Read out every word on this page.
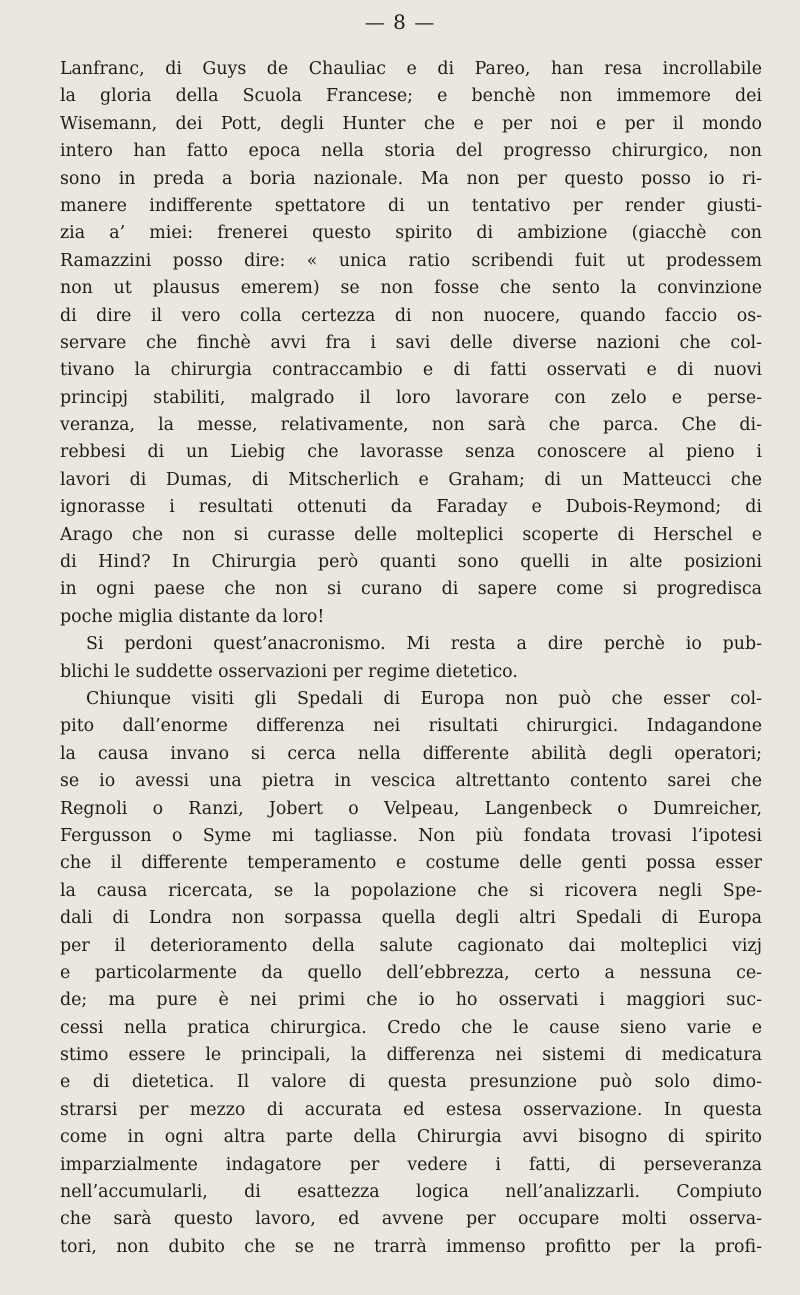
— 8 —
Lanfranc, di Guys de Chauliac e di Pareo, han resa incrollabile
la gloria della Scuola Francese; e benchè non immemore dei
Wisemann, dei Pott, degli Hunter che e per noi e per il mondo
intero han fatto epoca nella storia del progresso chirurgico, non
sono in preda a boria nazionale. Ma non per questo posso io ri-
manere indifferente spettatore di un tentativo per render giusti-
zia a’ miei: frenerei questo spirito di ambizione (giacchè con
Ramazzini posso dire: « unica ratio scribendi fuit ut prodessem
non ut plausus emerem) se non fosse che sento la convinzione
di dire il vero colla certezza di non nuocere, quando faccio os-
servare che finchè avvi fra i savi delle diverse nazioni che col-
tivano la chirurgia contraccambio e di fatti osservati e di nuovi
principj stabiliti, malgrado il loro lavorare con zelo e perse-
veranza, la messe, relativamente, non sarà che parca. Che di-
rebbesi di un Liebig che lavorasse senza conoscere al pieno i
lavori di Dumas, di Mitscherlich e Graham; di un Matteucci che
ignorasse i resultati ottenuti da Faraday e Dubois-Reymond; di
Arago che non si curasse delle molteplici scoperte di Herschel e
di Hind? In Chirurgia però quanti sono quelli in alte posizioni
in ogni paese che non si curano di sapere come si progredisca
poche miglia distante da loro!
Si perdoni quest’anacronismo. Mi resta a dire perchè io pub-
blichi le suddette osservazioni per regime dietetico.
Chiunque visiti gli Spedali di Europa non può che esser col-
pito dall’enorme differenza nei risultati chirurgici. Indagandone
la causa invano si cerca nella differente abilità degli operatori;
se io avessi una pietra in vescica altrettanto contento sarei che
Regnoli o Ranzi, Jobert o Velpeau, Langenbeck o Dumreicher,
Fergusson o Syme mi tagliasse. Non più fondata trovasi l’ipotesi
che il differente temperamento e costume delle genti possa esser
la causa ricercata, se la popolazione che si ricovera negli Spe-
dali di Londra non sorpassa quella degli altri Spedali di Europa
per il deterioramento della salute cagionato dai molteplici vizj
e particolarmente da quello dell’ebbrezza, certo a nessuna ce-
de; ma pure è nei primi che io ho osservati i maggiori suc-
cessi nella pratica chirurgica. Credo che le cause sieno varie e
stimo essere le principali, la differenza nei sistemi di medicatura
e di dietetica. Il valore di questa presunzione può solo dimo-
strarsi per mezzo di accurata ed estesa osservazione. In questa
come in ogni altra parte della Chirurgia avvi bisogno di spirito
imparzialmente indagatore per vedere i fatti, di perseveranza
nell’accumularli, di esattezza logica nell’analizzarli. Compiuto
che sarà questo lavoro, ed avvene per occupare molti osserva-
tori, non dubito che se ne trarrà immenso profitto per la profi-
